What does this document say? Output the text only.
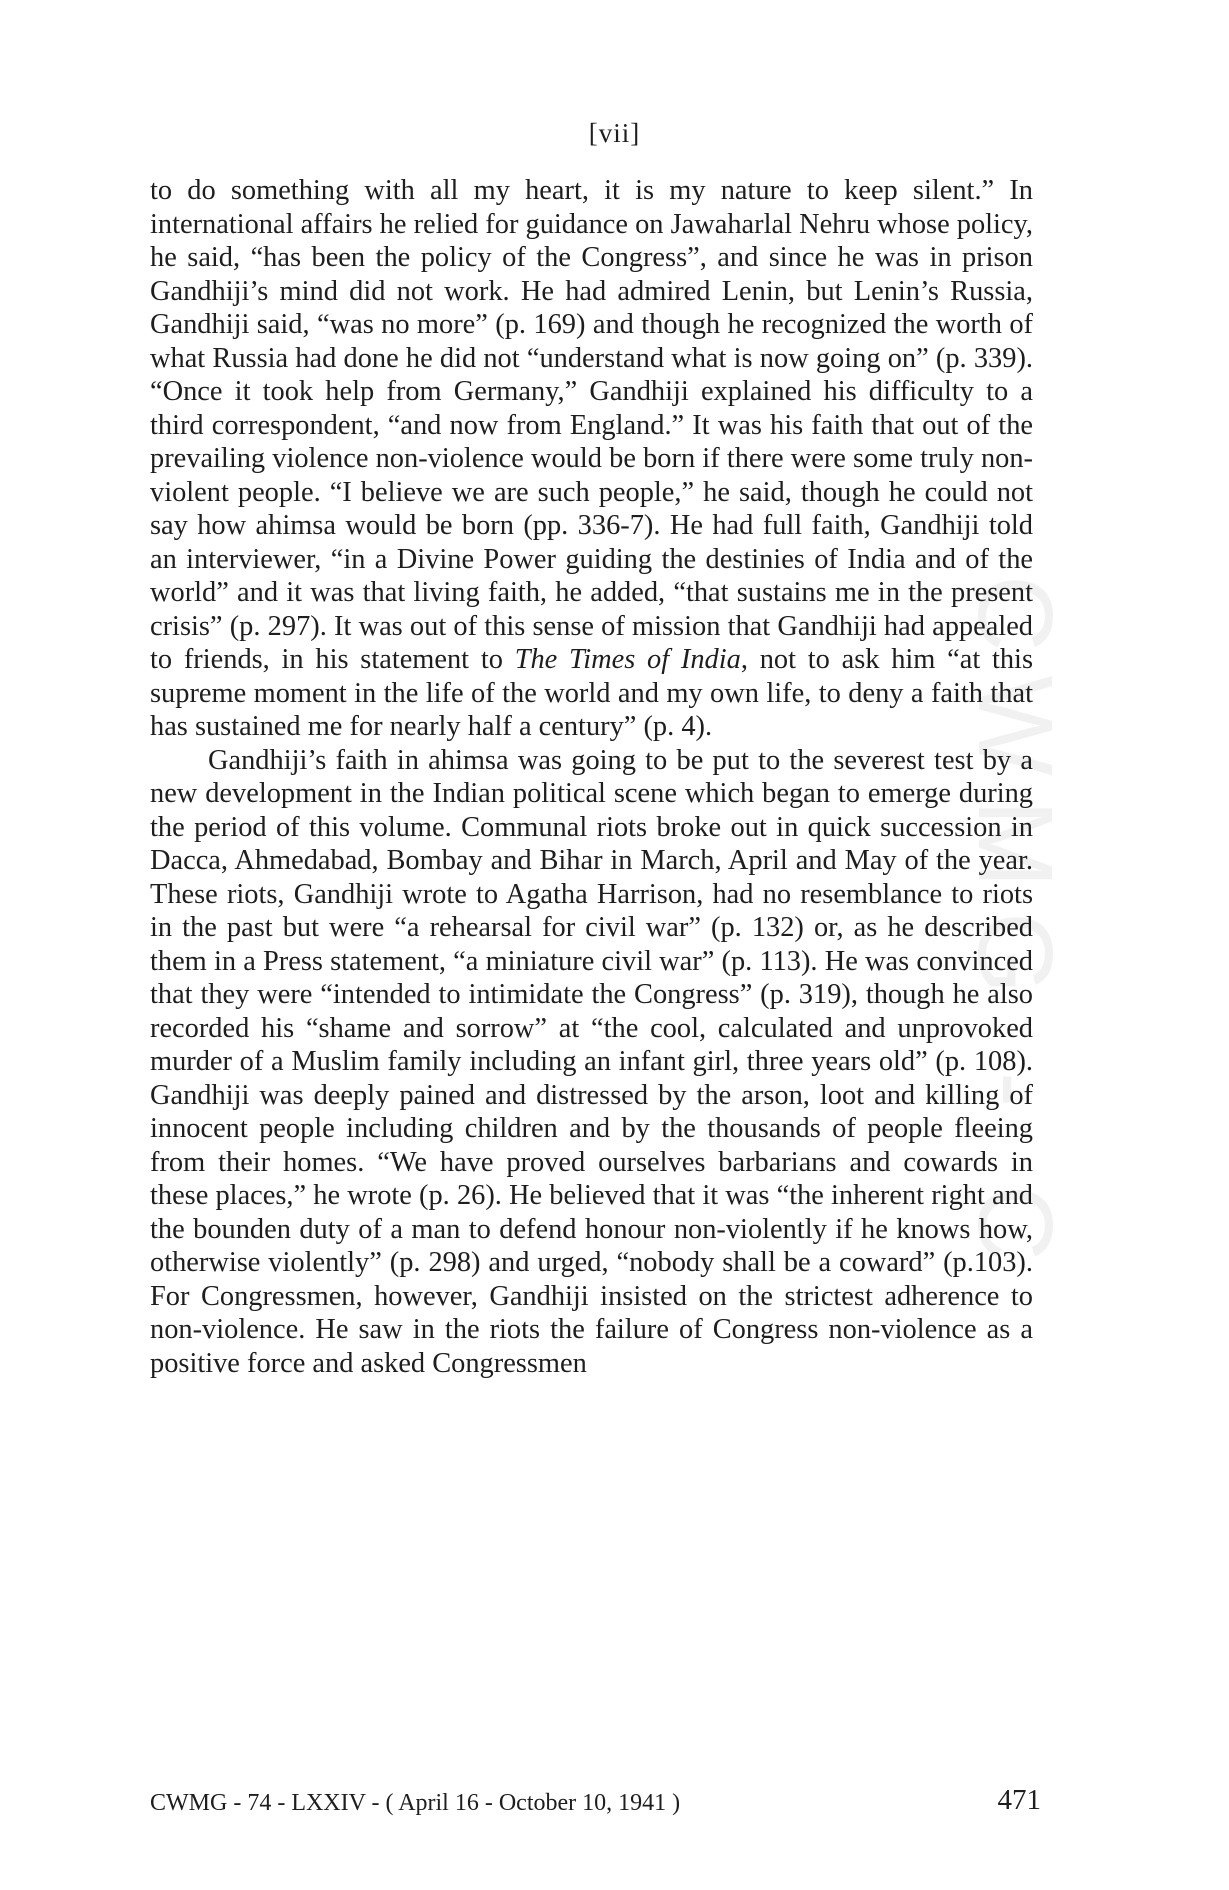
CWMG - C
[vii]

to do something with all my heart, it is my nature to keep silent.” In international affairs he relied for guidance on Jawaharlal Nehru whose policy, he said, “has been the policy of the Congress”, and since he was in prison Gandhiji’s mind did not work. He had admired Lenin, but Lenin’s Russia, Gandhiji said, “was no more” (p. 169) and though he recognized the worth of what Russia had done he did not “understand what is now going on” (p. 339). “Once it took help from Germany,” Gandhiji explained his difficulty to a third correspondent, “and now from England.” It was his faith that out of the prevailing violence non-violence would be born if there were some truly non-violent people. “I believe we are such people,” he said, though he could not say how ahimsa would be born (pp. 336-7). He had full faith, Gandhiji told an interviewer, “in a Divine Power guiding the destinies of India and of the world” and it was that living faith, he added, “that sustains me in the present crisis” (p. 297). It was out of this sense of mission that Gandhiji had appealed to friends, in his statement to The Times of India, not to ask him “at this supreme moment in the life of the world and my own life, to deny a faith that has sustained me for nearly half a century” (p. 4).

Gandhiji’s faith in ahimsa was going to be put to the severest test by a new development in the Indian political scene which began to emerge during the period of this volume. Communal riots broke out in quick succession in Dacca, Ahmedabad, Bombay and Bihar in March, April and May of the year. These riots, Gandhiji wrote to Agatha Harrison, had no resemblance to riots in the past but were “a rehearsal for civil war” (p. 132) or, as he described them in a Press statement, “a miniature civil war” (p. 113). He was convinced that they were “intended to intimidate the Congress” (p. 319), though he also recorded his “shame and sorrow” at “the cool, calculated and unprovoked murder of a Muslim family including an infant girl, three years old” (p. 108). Gandhiji was deeply pained and distressed by the arson, loot and killing of innocent people including children and by the thousands of people fleeing from their homes. “We have proved ourselves barbarians and cowards in these places,” he wrote (p. 26). He believed that it was “the inherent right and the bounden duty of a man to defend honour non-violently if he knows how, otherwise violently” (p. 298) and urged, “nobody shall be a coward” (p.103). For Congressmen, however, Gandhiji insisted on the strictest adherence to non-violence. He saw in the riots the failure of Congress non-violence as a positive force and asked Congressmen

CWMG - 74 - LXXIV - ( April 16 - October 10, 1941 )	471
